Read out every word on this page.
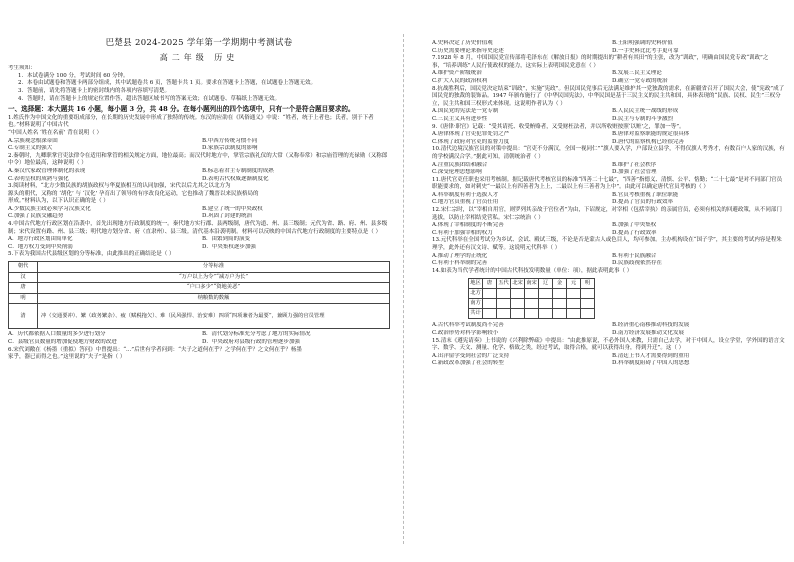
巴楚县 2024-2025 学年第一学期期中考测试卷
高二年级 历史
考生须知：
1．本试卷满分 100 分，考试时间 60 分钟。
2．本卷由试题卷和答题卡两部分组成，其中试题卷共 6 页，答题卡共 1 页。要求在答题卡上答题，在试题卷上答题无效。
3．答题前，请先将答题卡上的密封线内的各项内容填写清楚。
4．答题时，请在答题卡上的规定位置作答，超出答题区域书写的答案无效；在试题卷、草稿纸上答题无效。
一、选择题：本大题共 16 小题，每小题 3 分，共 48 分。在每小题列出的四个选项中，只有一个是符合题目要求的。
1.姓氏作为中国文化的重要组成部分，在长期的历史发展中形成了独特的传统。东汉的应劭在《风俗通义》中说：“姓者，统于上者也；氏者，别于下者也。”材料说明了中国古代
“中国人姓名 ‘姓在名前’ 背在说明（ ）
A.宗族观念根深蒂固	B.中西方传统习惯不同
C.专制主义的强大	D.家族宗法制度的影响
2.秦朝时，九卿职掌官吏法律令在适用和掌管的相关规定方面，地位最高；而汉代时地方中，掌管宗族礼仪的大常（又称奉常）和宗庙管理的光禄勋（又称郎中令）地位最高，这种说明（ ）
A.秦汉代家政管理体制化的表现	B.标志着君主专制制度的成熟
C.表明皇权的成熟与强化	D.表明古代权威逐渐制度化
3.阅读材料，“北方少数民族的胡族政权与华夏族相互的认同加强，宋代以后尤其之以北方为
源头的朝代，又称的 ‘胡化’ 与 ‘汉化’ 孕育出了领导的有序改良化运动，它也推动了魏晋以来民族格局的
形成。”材料认为，以下认识正确的是（ ）
A.少数民族主政必须学习汉族文化	B.建立了统一的中央政权
C.加强了民族交融趋势	D.巩固了封建的统治
4.中国古代地方行政区划在沿袭中，首先出现地方行政制度的统一。秦代地方实行郡、县两级制，唐代为道、州、县三级制；元代为省、路、府、州、县多级制；宋代设置有路、州、县三级；明代地方划分省、府（直隶州）、县三级。清代基本沿袭明制。材料可以反映的中国古代地方行政制度的主要特点是（ ）
A．地方行政区划由简单化	B．由繁到简的演变
C．地方权力受到中央削弱	D．中央集权逐步加强
5.下表为我国古代县级区划的分等标准，由此推出的正确结论是（ ）
朝代	分等标准
汉	“万户以上为令”“减万户为长”
唐	“户口多少”“资地美恶”
明	纳粮数的数额
清	冲（交通要冲）、繁（政务繁杂）、疲（赋税拖欠）、难（民风强悍、治安难）四项“四项兼者为最要”，兼顾力强的官员管理
A．历代都依据人口数量的多少进行划分	B．清代划分标准充分考虑了地方的实际情况
C．县级官员数量的增加促使地方财政的改进	D．中央政府对县级行政的管理逐步加强
6.宋代刘敞在《杨墨（重拟）答问》中曾提出：“...”后世有学者问到：“夫子之道何在乎？之学何在乎？之文何在乎？杨墨
家乎，器已而得之也。”这里说的“夫子”是指（ ）
A.史料决定了历史价值观	B.王阳明强调的史料价值
C.历史需要理论来指导史论述	D.一手史料比比考手更可靠
7.1928 年 8 月，中国国民党宣传部将毛泽东在《解放日报》的时期提出的“耕者有其田”的主张，改为“训政”，明确由国民党专政“训政”之事，“培养训练”人民行使政权的能力，这实际上表明国民党意在（ ）
A.维护资产阶级统治	B.发展三民主义理论
C.扩大人民的政治权利	D.确立一党专政的统治
8.抗战胜利后，国民党决定结束“训政”，实施“宪政”。但民国民党事后无法满足维护其一党独裁的需求，在新疆省召开了国民大会，使“宪政”成了国民党的独裁的装饰品。1947 年颁布施行了《中华民国宪法》，中华民国是基于三民主义的民主共和国，具体表现的“民族、民权、民生”三权分立，民主共和国三权形式来体现。这说明作者认为（ ）
A.国民党的宪法是一党专制	B.人民民主统一战线的形成
C.三民主义具有进步性	D.民主与专制的斗争激烈
9.《唐律·职官》记载：“受其请托、收受贿赂者，又受财枉法者，并以所收赃按照‘以赃’之，罪加一等”。
A.唐律体现了官吏犯罪处罚之严	B.唐律对监察职能的规定很具体
C.体现了政府对官吏的监督力度	D.唐代的监察机构已经很完善
10.清代边境汉族官员的对策中提出：“官吏不分满汉，全国一视同仁”“旗人要入学，户部设立县学，不得仅旗人考秀才，有数百户人家的汉族，有的学校满汉合学。”据此可知，清朝统治者（ ）
A.注重民族团结和融合	B.维护了社会秩序
C.深受伦理思想影响	D.加强了社会管理
11.唐代官吏任职也采用考核制。据记载唐代考核官员的标准“四善二十七最”，“四善”指德义、清慎、公平、恪勤；“二十七最”是对不同部门官员职能要求的，如对刺史“一最以上有四善者为上上，二最以上有三善者为上中”。由此可以确定唐代官员考核的（ ）
A.科举制度有利于选拔人才	B.官员考核重视了职位职能
C.地方官员重视了官员任用	D.提高了官员的行政效率
12.宋仁宗时，以“宰相自用官，则罗列其亲故于官位者”为由，下诏规定，对宰相（包括宰执）的亲属官员，必须有相关的回避政策，从不同部门选拔，以防止宰相结党营私。宋仁宗统治（ ）
A.体现了宰相制度的不断完善	B.加强了中央集权
C.有利于加强宰相的权力	D.提高了行政效率
13.元代科举在全国考试分为乡试、会试、殿试三级，不论是否是蒙古人或色目人，均可参加。主办机构设在“国子学”，其主要的考试内容是程朱理学，此外还有汉文诗、赋等。这说明元代科举（ ）
A.推动了理学的正统化	B.有利于民族融合
C.有利于科举制的完善	D.民族歧视依然存在
14.如表为当代学者统计的中国古代科技发明数量（单位：项），据此表明此事（ ）
地区	唐	五代	北宋	南宋	辽	金	元	明
北方								
南方								
共计								
A.古代科举考试制度尚不完善	B.经济重心南移推动科技的发展
C.政治形势对科学影响较小	D.南方经济发展推动文化发展
15.清末《遵宪请奏》上书说的《兴利除弊疏》中提出：“由此推原说，不必外国人来教，只需自己去学，对于中国人，设立学堂，学外国的语言文字、数学、天文、测量、化学、格致之类，经过考试，取得合格，就可以获得出身，得到升迁”。这（ ）
A.出洋留学受到社会的广泛支持	B.清廷上书人才需要得到的重用
C.新政改革加强了社会的转型	D.科举制度阻碍了中国人的思想
